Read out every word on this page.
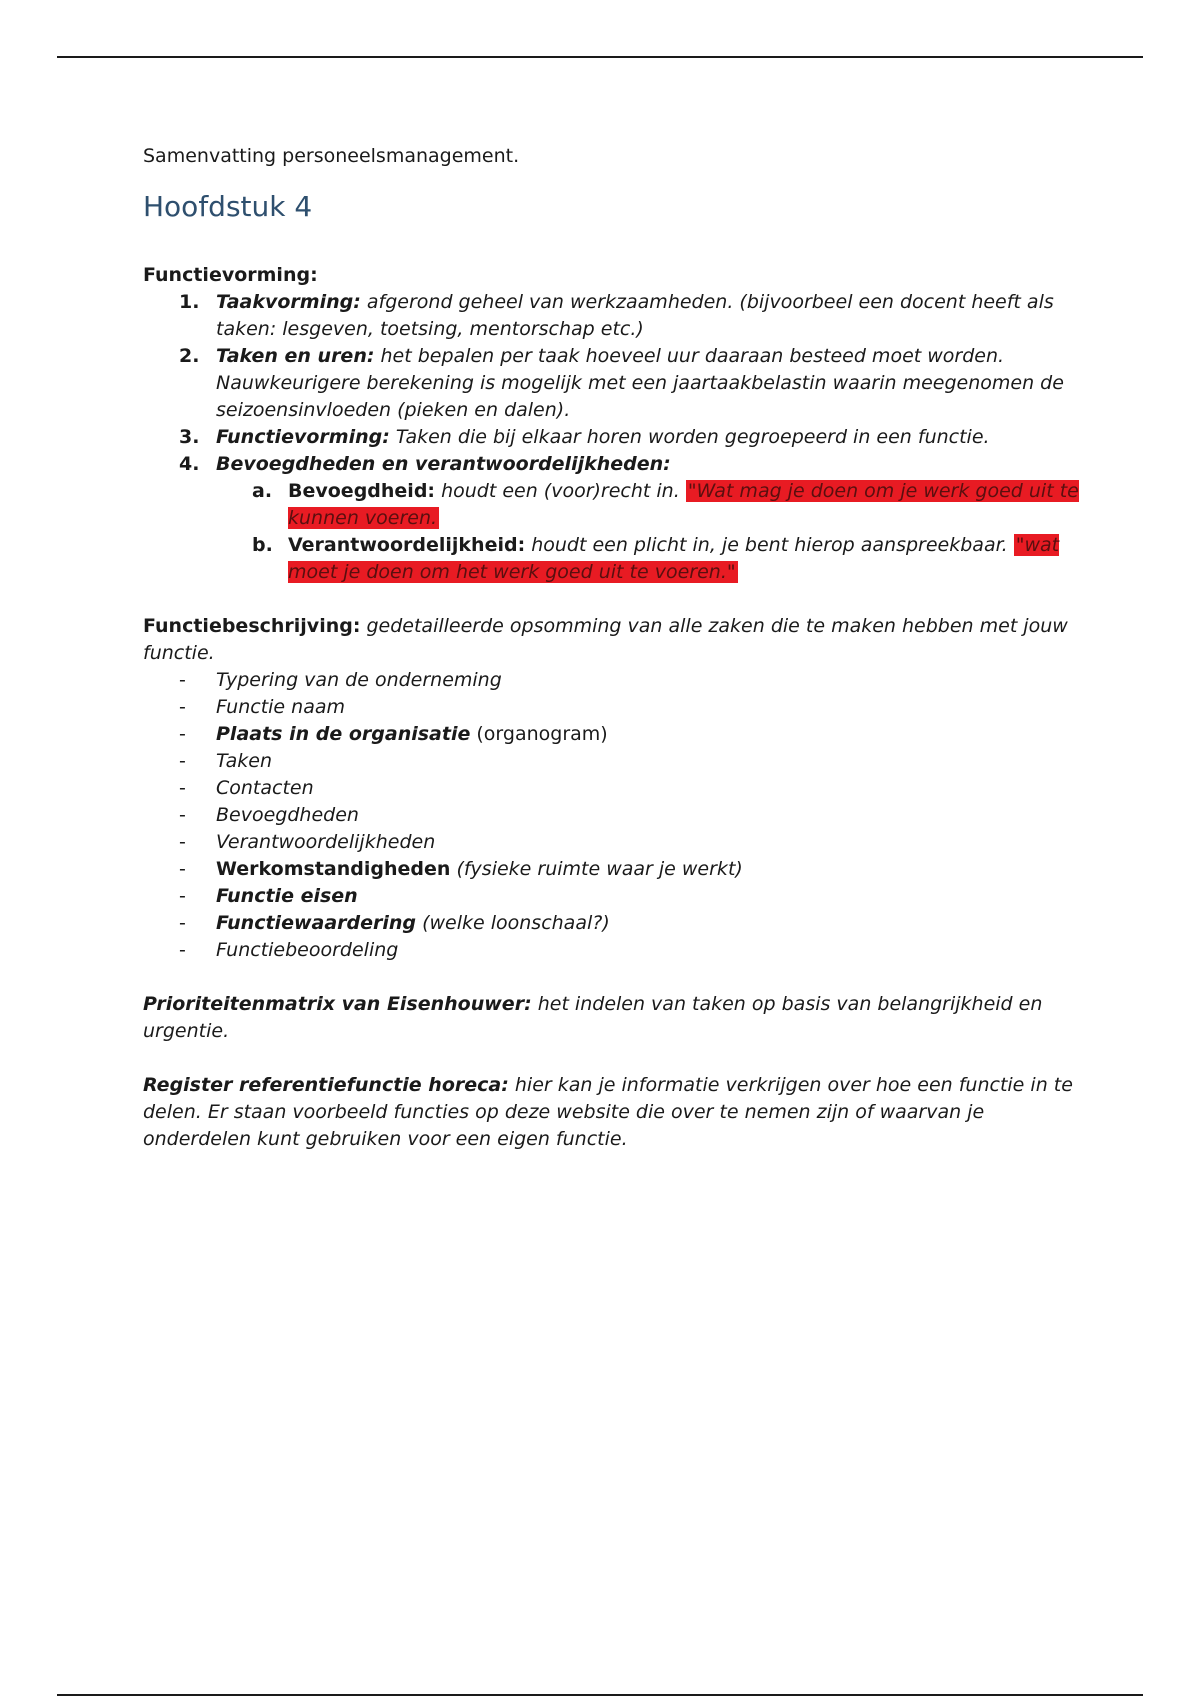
Samenvatting personeelsmanagement.

Hoofdstuk 4
Functievorming:
1. Taakvorming: afgerond geheel van werkzaamheden. (bijvoorbeel een docent heeft als taken: lesgeven, toetsing, mentorschap etc.)
2. Taken en uren: het bepalen per taak hoeveel uur daaraan besteed moet worden. Nauwkeurigere berekening is mogelijk met een jaartaakbelastin waarin meegenomen de seizoensinvloeden (pieken en dalen).
3. Functievorming: Taken die bij elkaar horen worden gegroepeerd in een functie.
4. Bevoegdheden en verantwoordelijkheden:
a. Bevoegdheid: houdt een (voor)recht in. "Wat mag je doen om je werk goed uit te kunnen voeren.
b. Verantwoordelijkheid: houdt een plicht in, je bent hierop aanspreekbaar. "wat moet je doen om het werk goed uit te voeren."
Functiebeschrijving: gedetailleerde opsomming van alle zaken die te maken hebben met jouw functie.
- Typering van de onderneming
- Functie naam
- Plaats in de organisatie (organogram)
- Taken
- Contacten
- Bevoegdheden
- Verantwoordelijkheden
- Werkomstandigheden (fysieke ruimte waar je werkt)
- Functie eisen
- Functiewaardering (welke loonschaal?)
- Functiebeoordeling
Prioriteitenmatrix van Eisenhouwer: het indelen van taken op basis van belangrijkheid en urgentie.
Register referentiefunctie horeca: hier kan je informatie verkrijgen over hoe een functie in te delen. Er staan voorbeeld functies op deze website die over te nemen zijn of waarvan je onderdelen kunt gebruiken voor een eigen functie.
